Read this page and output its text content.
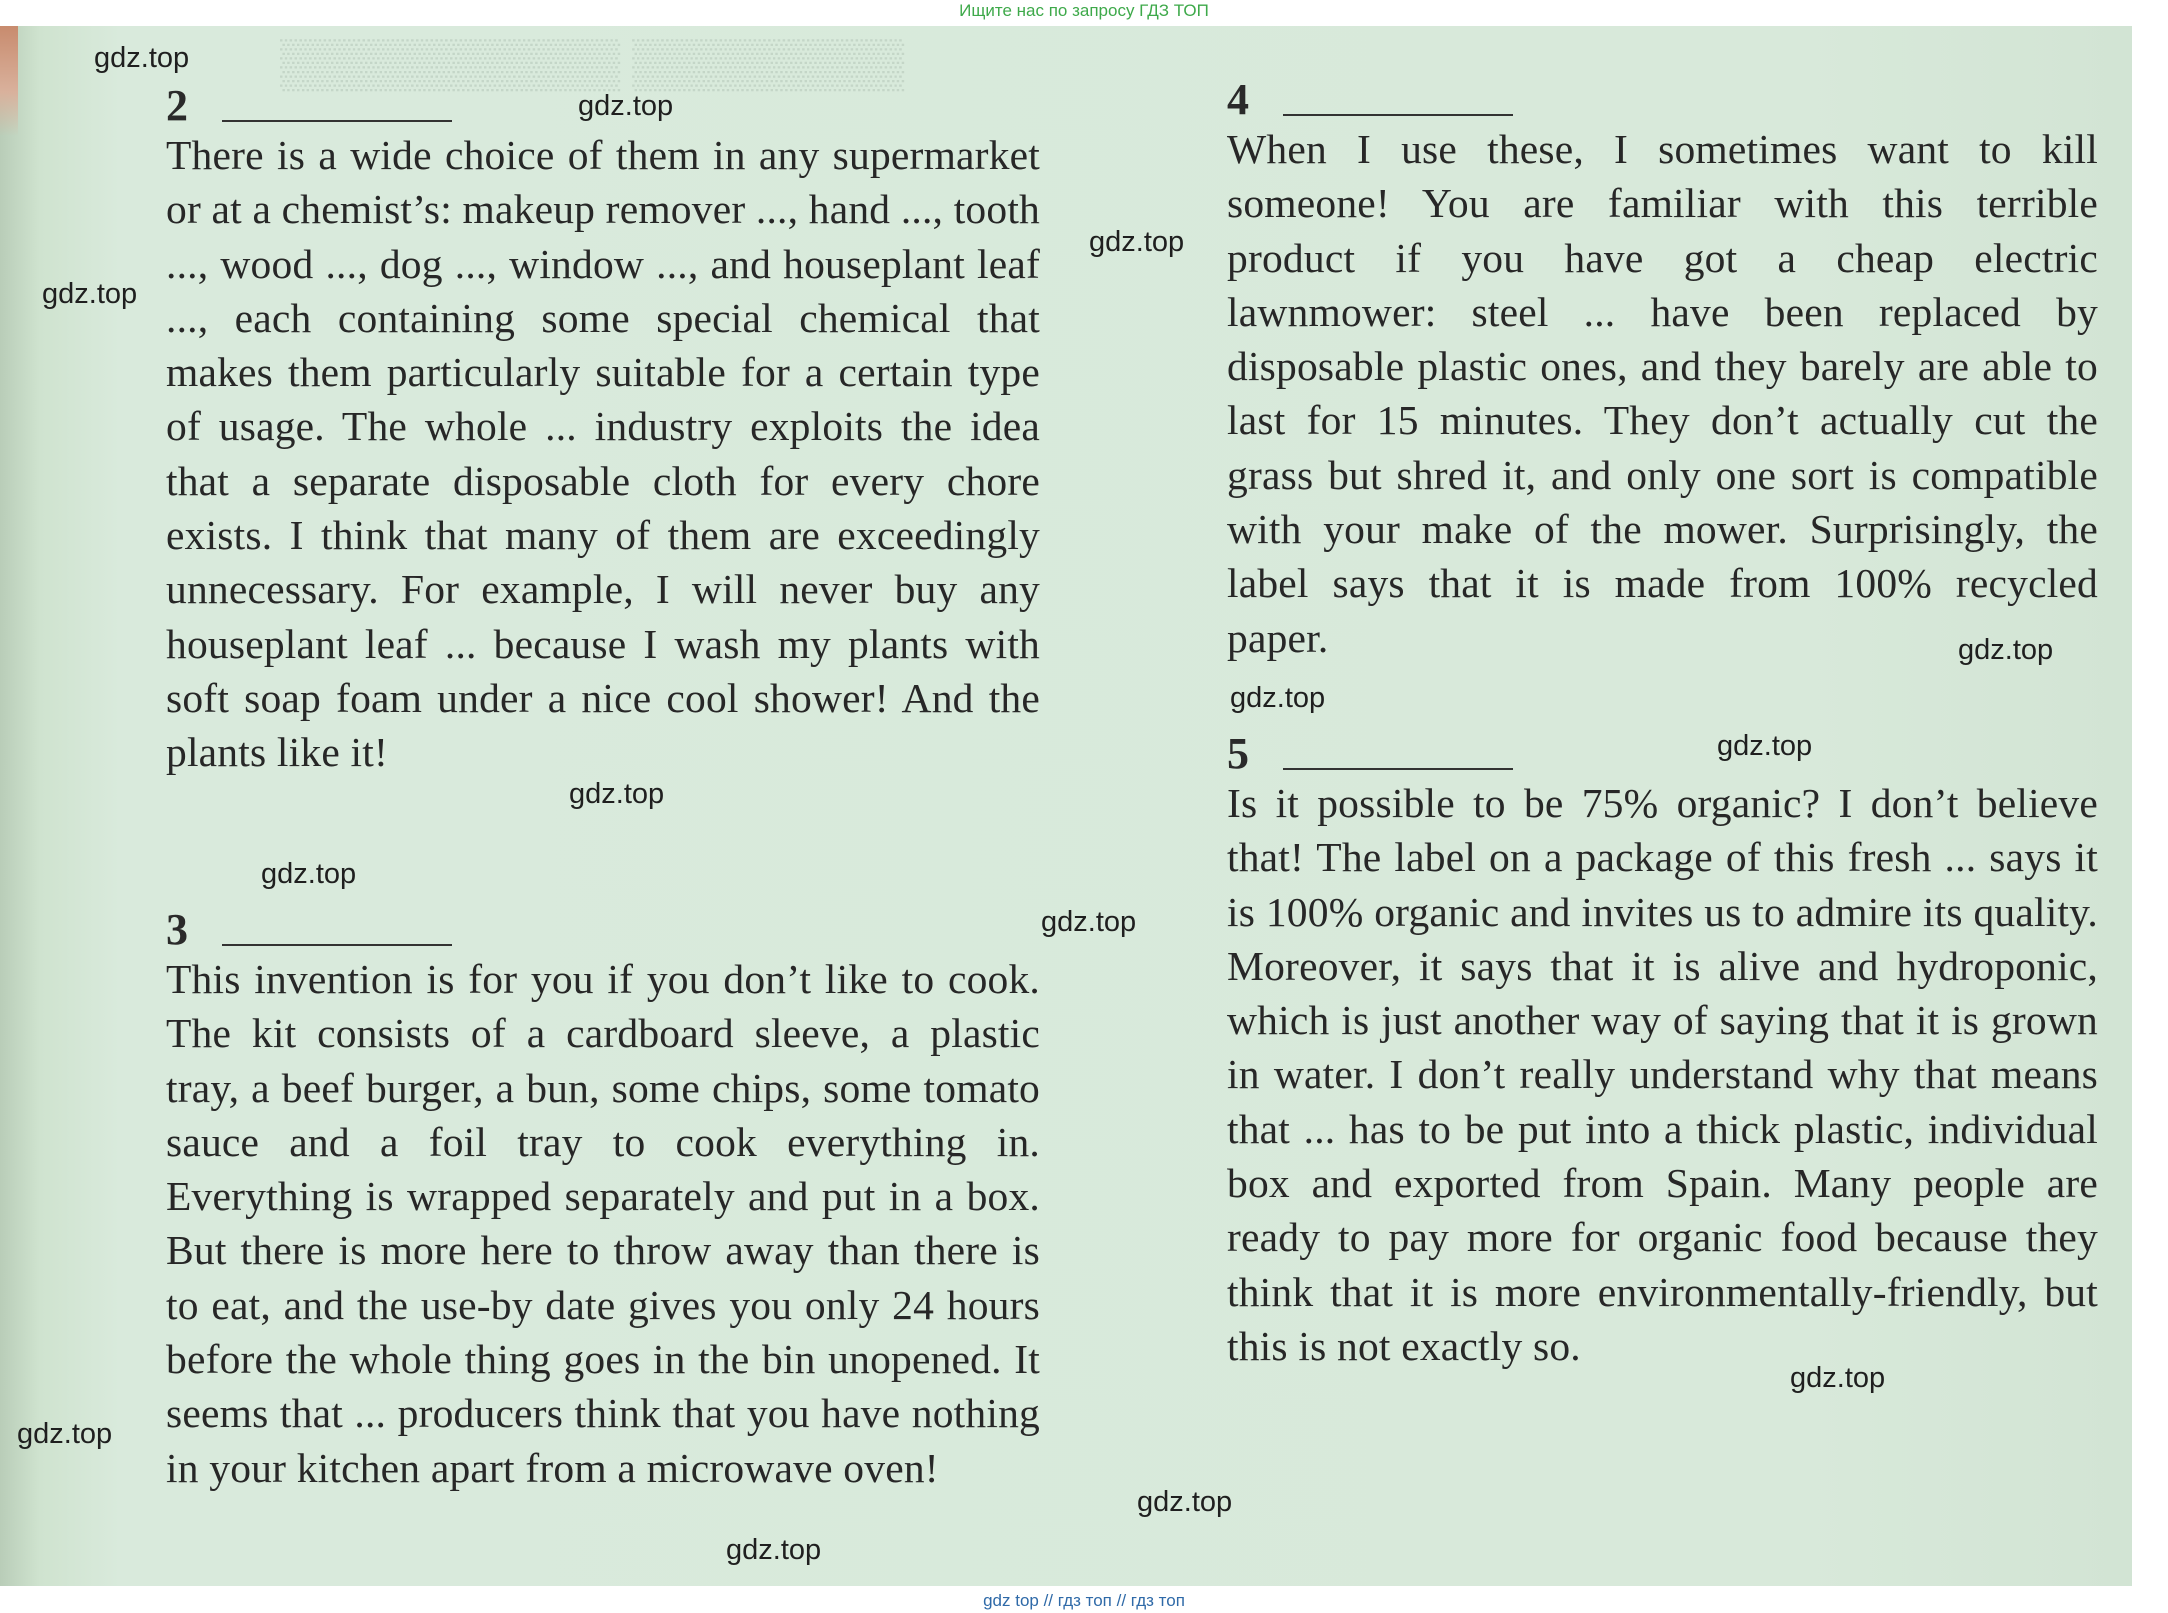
Ищите нас по запросу ГДЗ ТОП
▒▒▒▒▒▒▒▒ ▒▒▒▒▒▒▒▒▒▒
2

There is a wide choice of them in any supermarket or at a chemist’s: makeup remover ..., hand ..., tooth ..., wood ..., dog ..., window ..., and houseplant leaf ..., each containing some special chemical that makes them particularly suitable for a certain type of usage. The whole ... industry exploits the idea that a separate disposable cloth for every chore exists. I think that many of them are exceedingly unnecessary. For example, I will never buy any houseplant leaf ... because I wash my plants with soft soap foam under a nice cool shower! And the plants like it!

3

This invention is for you if you don’t like to cook. The kit consists of a cardboard sleeve, a plastic tray, a beef burger, a bun, some chips, some tomato sauce and a foil tray to cook everything in. Everything is wrapped separately and put in a box. But there is more here to throw away than there is to eat, and the use-by date gives you only 24 hours before the whole thing goes in the bin unopened. It seems that ... producers think that you have nothing in your kitchen apart from a microwave oven!

4

When I use these, I sometimes want to kill someone! You are familiar with this terrible product if you have got a cheap electric lawnmower: steel ... have been replaced by disposable plastic ones, and they barely are able to last for 15 minutes. They don’t actually cut the grass but shred it, and only one sort is compatible with your make of the mower. Surprisingly, the label says that it is made from 100% recycled paper.

5

Is it possible to be 75% organic? I don’t believe that! The label on a package of this fresh ... says it is 100% organic and invites us to admire its quality. Moreover, it says that it is alive and hydroponic, which is just another way of saying that it is grown in water. I don’t really understand why that means that ... has to be put into a thick plastic, individual box and exported from Spain. Many people are ready to pay more for organic food because they think that it is more environmentally-friendly, but this is not exactly so.

gdz.top
gdz.top
gdz.top
gdz.top
gdz.top
gdz.top
gdz.top
gdz.top
gdz.top
gdz.top
gdz.top
gdz.top
gdz.top
gdz.top
gdz top // гдз топ // гдз топ
